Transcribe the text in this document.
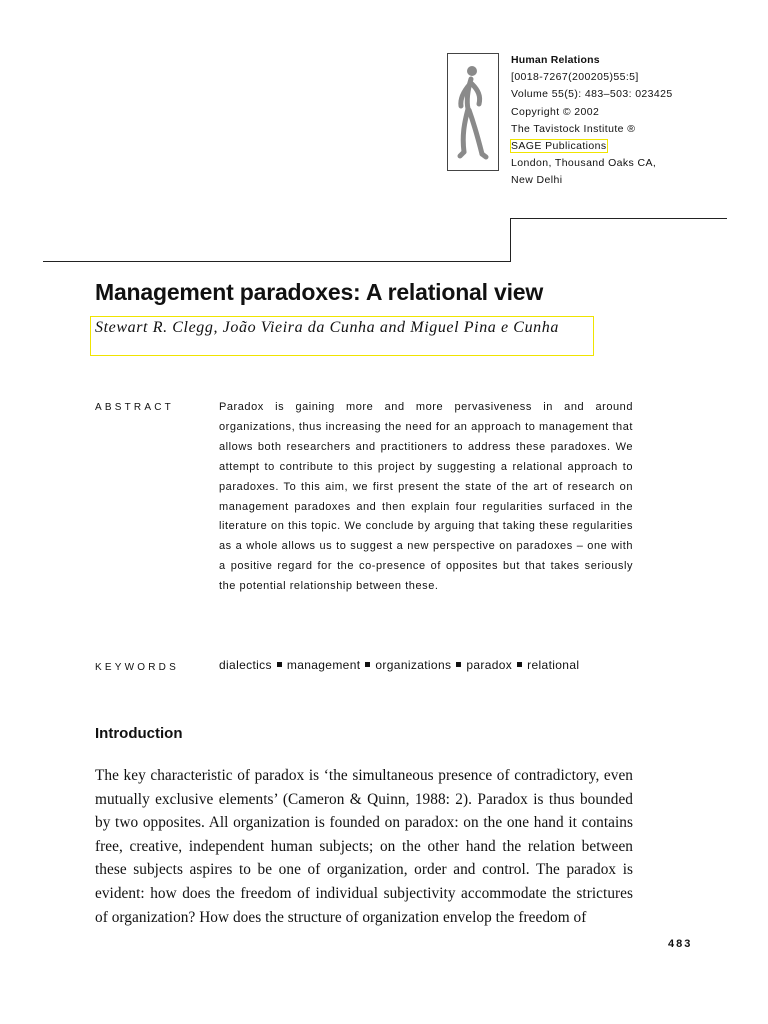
Human Relations
[0018-7267(200205)55:5]
Volume 55(5): 483–503: 023425
Copyright © 2002
The Tavistock Institute ®
SAGE Publications
London, Thousand Oaks CA,
New Delhi
Management paradoxes: A relational view
Stewart R. Clegg, João Vieira da Cunha and Miguel Pina e Cunha
ABSTRACT	Paradox is gaining more and more pervasiveness in and around organizations, thus increasing the need for an approach to management that allows both researchers and practitioners to address these paradoxes. We attempt to contribute to this project by suggesting a relational approach to paradoxes. To this aim, we first present the state of the art of research on management paradoxes and then explain four regularities surfaced in the literature on this topic. We conclude by arguing that taking these regularities as a whole allows us to suggest a new perspective on paradoxes – one with a positive regard for the co-presence of opposites but that takes seriously the potential relationship between these.
KEYWORDS	dialectics management organizations paradox relational
Introduction
The key characteristic of paradox is ‘the simultaneous presence of contradictory, even mutually exclusive elements’ (Cameron & Quinn, 1988: 2). Paradox is thus bounded by two opposites. All organization is founded on paradox: on the one hand it contains free, creative, independent human subjects; on the other hand the relation between these subjects aspires to be one of organization, order and control. The paradox is evident: how does the freedom of individual subjectivity accommodate the strictures of organization? How does the structure of organization envelop the freedom of
483
